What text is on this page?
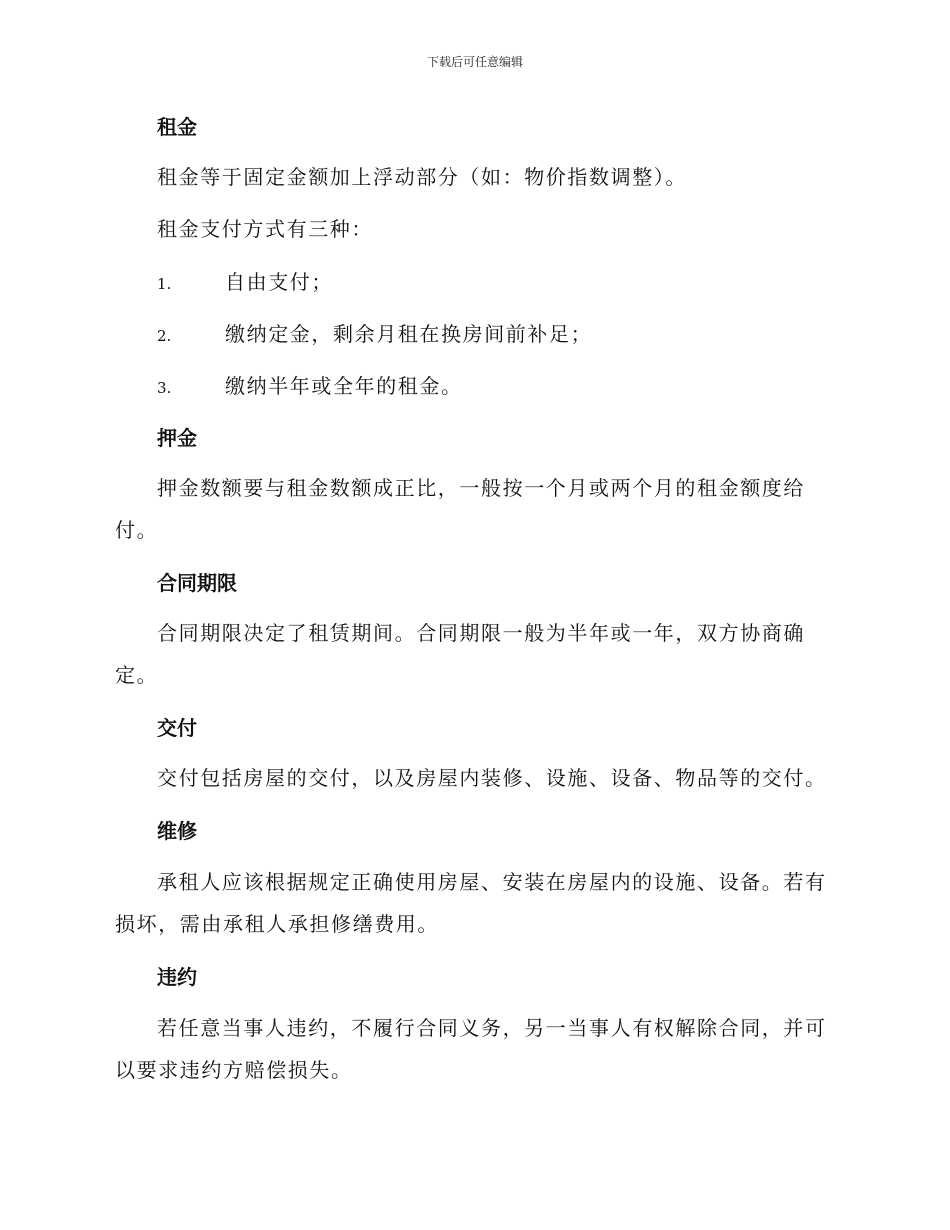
下载后可任意编辑
租金

租金等于固定金额加上浮动部分（如：物价指数调整）。

租金支付方式有三种：

1.	自由支付；
2.	缴纳定金，剩余月租在换房间前补足；
3.	缴纳半年或全年的租金。
押金

押金数额要与租金数额成正比，一般按一个月或两个月的租金额度给付。

合同期限

合同期限决定了租赁期间。合同期限一般为半年或一年，双方协商确定。

交付

交付包括房屋的交付，以及房屋内装修、设施、设备、物品等的交付。

维修

承租人应该根据规定正确使用房屋、安装在房屋内的设施、设备。若有损坏，需由承租人承担修缮费用。

违约

若任意当事人违约，不履行合同义务，另一当事人有权解除合同，并可以要求违约方赔偿损失。
